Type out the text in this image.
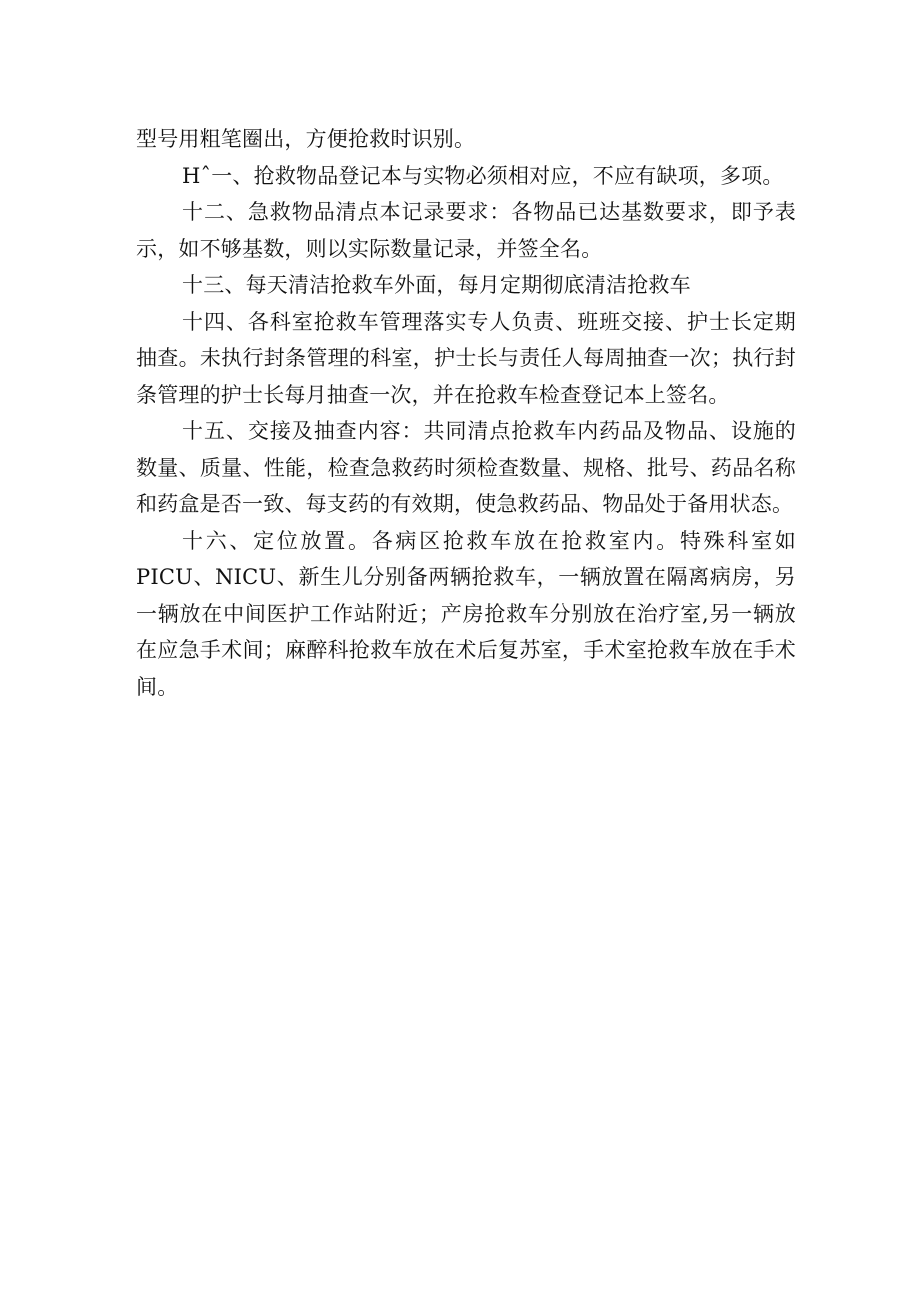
型号用粗笔圈出，方便抢救时识别。

Hˆ一、抢救物品登记本与实物必须相对应，不应有缺项，多项。

十二、急救物品清点本记录要求：各物品已达基数要求，即予表示，如不够基数，则以实际数量记录，并签全名。

十三、每天清洁抢救车外面，每月定期彻底清洁抢救车

十四、各科室抢救车管理落实专人负责、班班交接、护士长定期抽查。未执行封条管理的科室，护士长与责任人每周抽查一次；执行封条管理的护士长每月抽查一次，并在抢救车检查登记本上签名。

十五、交接及抽查内容：共同清点抢救车内药品及物品、设施的数量、质量、性能，检查急救药时须检查数量、规格、批号、药品名称和药盒是否一致、每支药的有效期，使急救药品、物品处于备用状态。

十六、定位放置。各病区抢救车放在抢救室内。特殊科室如PICU、NICU、新生儿分别备两辆抢救车，一辆放置在隔离病房，另一辆放在中间医护工作站附近；产房抢救车分别放在治疗室,另一辆放在应急手术间；麻醉科抢救车放在术后复苏室，手术室抢救车放在手术间。
